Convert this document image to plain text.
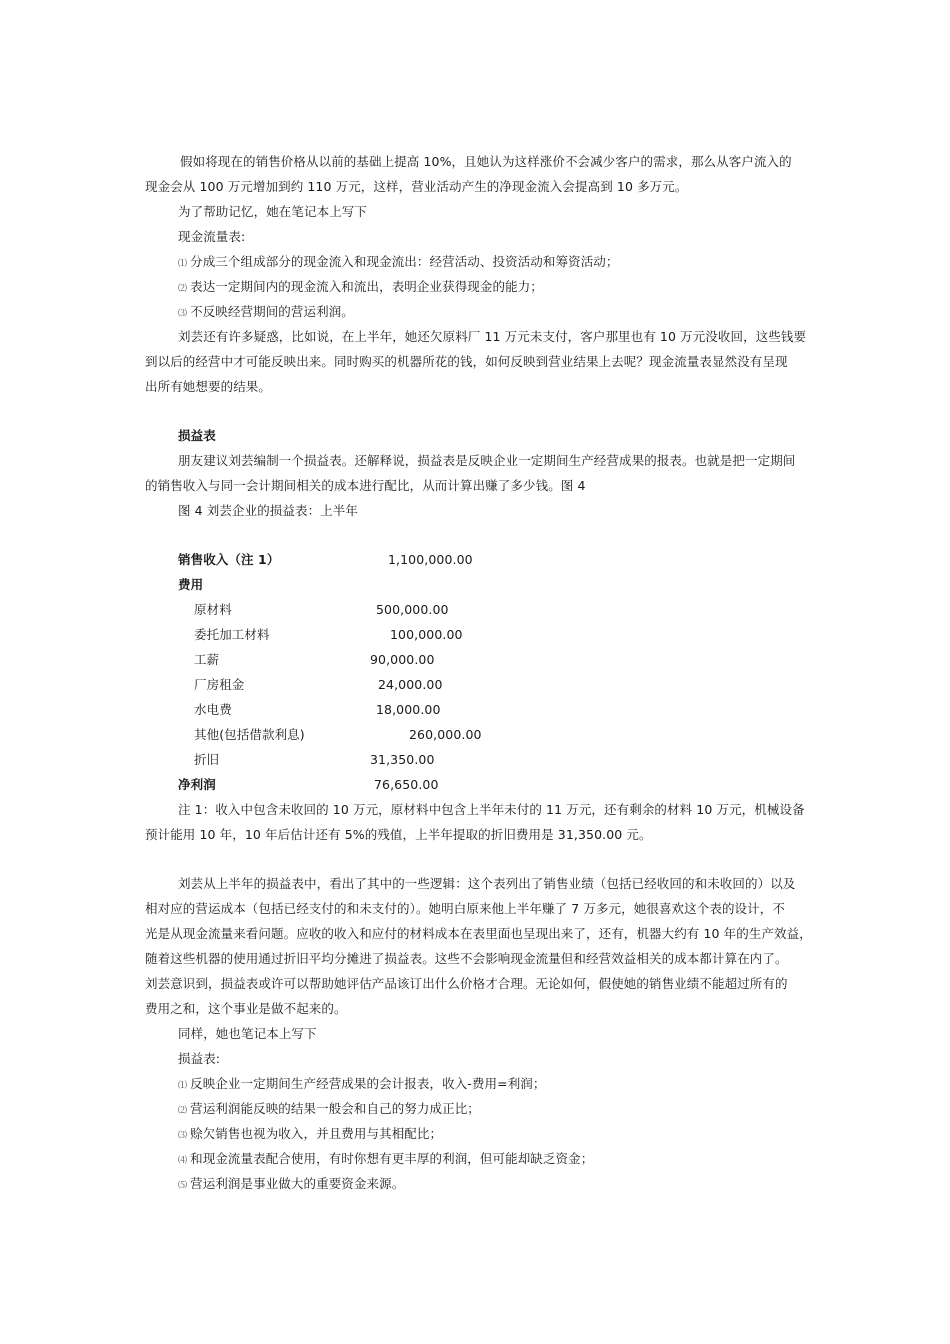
假如将现在的销售价格从以前的基础上提高 10%，且她认为这样涨价不会减少客户的需求，那么从客户流入的
现金会从 100 万元增加到约 110 万元，这样，营业活动产生的净现金流入会提高到 10 多万元。
为了帮助记忆，她在笔记本上写下
现金流量表:
⑴ 分成三个组成部分的现金流入和现金流出：经营活动、投资活动和筹资活动；
⑵ 表达一定期间内的现金流入和流出，表明企业获得现金的能力；
⑶ 不反映经营期间的营运利润。
刘芸还有许多疑惑，比如说，在上半年，她还欠原料厂 11 万元未支付，客户那里也有 10 万元没收回，这些钱要
到以后的经营中才可能反映出来。同时购买的机器所花的钱，如何反映到营业结果上去呢？现金流量表显然没有呈现
出所有她想要的结果。
损益表
朋友建议刘芸编制一个损益表。还解释说，损益表是反映企业一定期间生产经营成果的报表。也就是把一定期间
的销售收入与同一会计期间相关的成本进行配比，从而计算出赚了多少钱。图 4
图 4 刘芸企业的损益表：上半年
销售收入（注 1）	1,100,000.00
费用
原材料	500,000.00
委托加工材料	100,000.00
工薪	90,000.00
厂房租金	24,000.00
水电费	18,000.00
其他(包括借款利息)	260,000.00
折旧	31,350.00
净利润	76,650.00
注 1：收入中包含未收回的 10 万元，原材料中包含上半年未付的 11 万元，还有剩余的材料 10 万元，机械设备
预计能用 10 年，10 年后估计还有 5%的残值，上半年提取的折旧费用是 31,350.00 元。
刘芸从上半年的损益表中，看出了其中的一些逻辑：这个表列出了销售业绩（包括已经收回的和未收回的）以及
相对应的营运成本（包括已经支付的和未支付的）。她明白原来他上半年赚了 7 万多元，她很喜欢这个表的设计，不
光是从现金流量来看问题。应收的收入和应付的材料成本在表里面也呈现出来了，还有，机器大约有 10 年的生产效益，
随着这些机器的使用通过折旧平均分摊进了损益表。这些不会影响现金流量但和经营效益相关的成本都计算在内了。
刘芸意识到，损益表或许可以帮助她评估产品该订出什么价格才合理。无论如何，假使她的销售业绩不能超过所有的
费用之和，这个事业是做不起来的。
同样，她也笔记本上写下
损益表:
⑴ 反映企业一定期间生产经营成果的会计报表，收入-费用=利润；
⑵ 营运利润能反映的结果一般会和自己的努力成正比；
⑶ 赊欠销售也视为收入，并且费用与其相配比；
⑷ 和现金流量表配合使用，有时你想有更丰厚的利润，但可能却缺乏资金；
⑸ 营运利润是事业做大的重要资金来源。
